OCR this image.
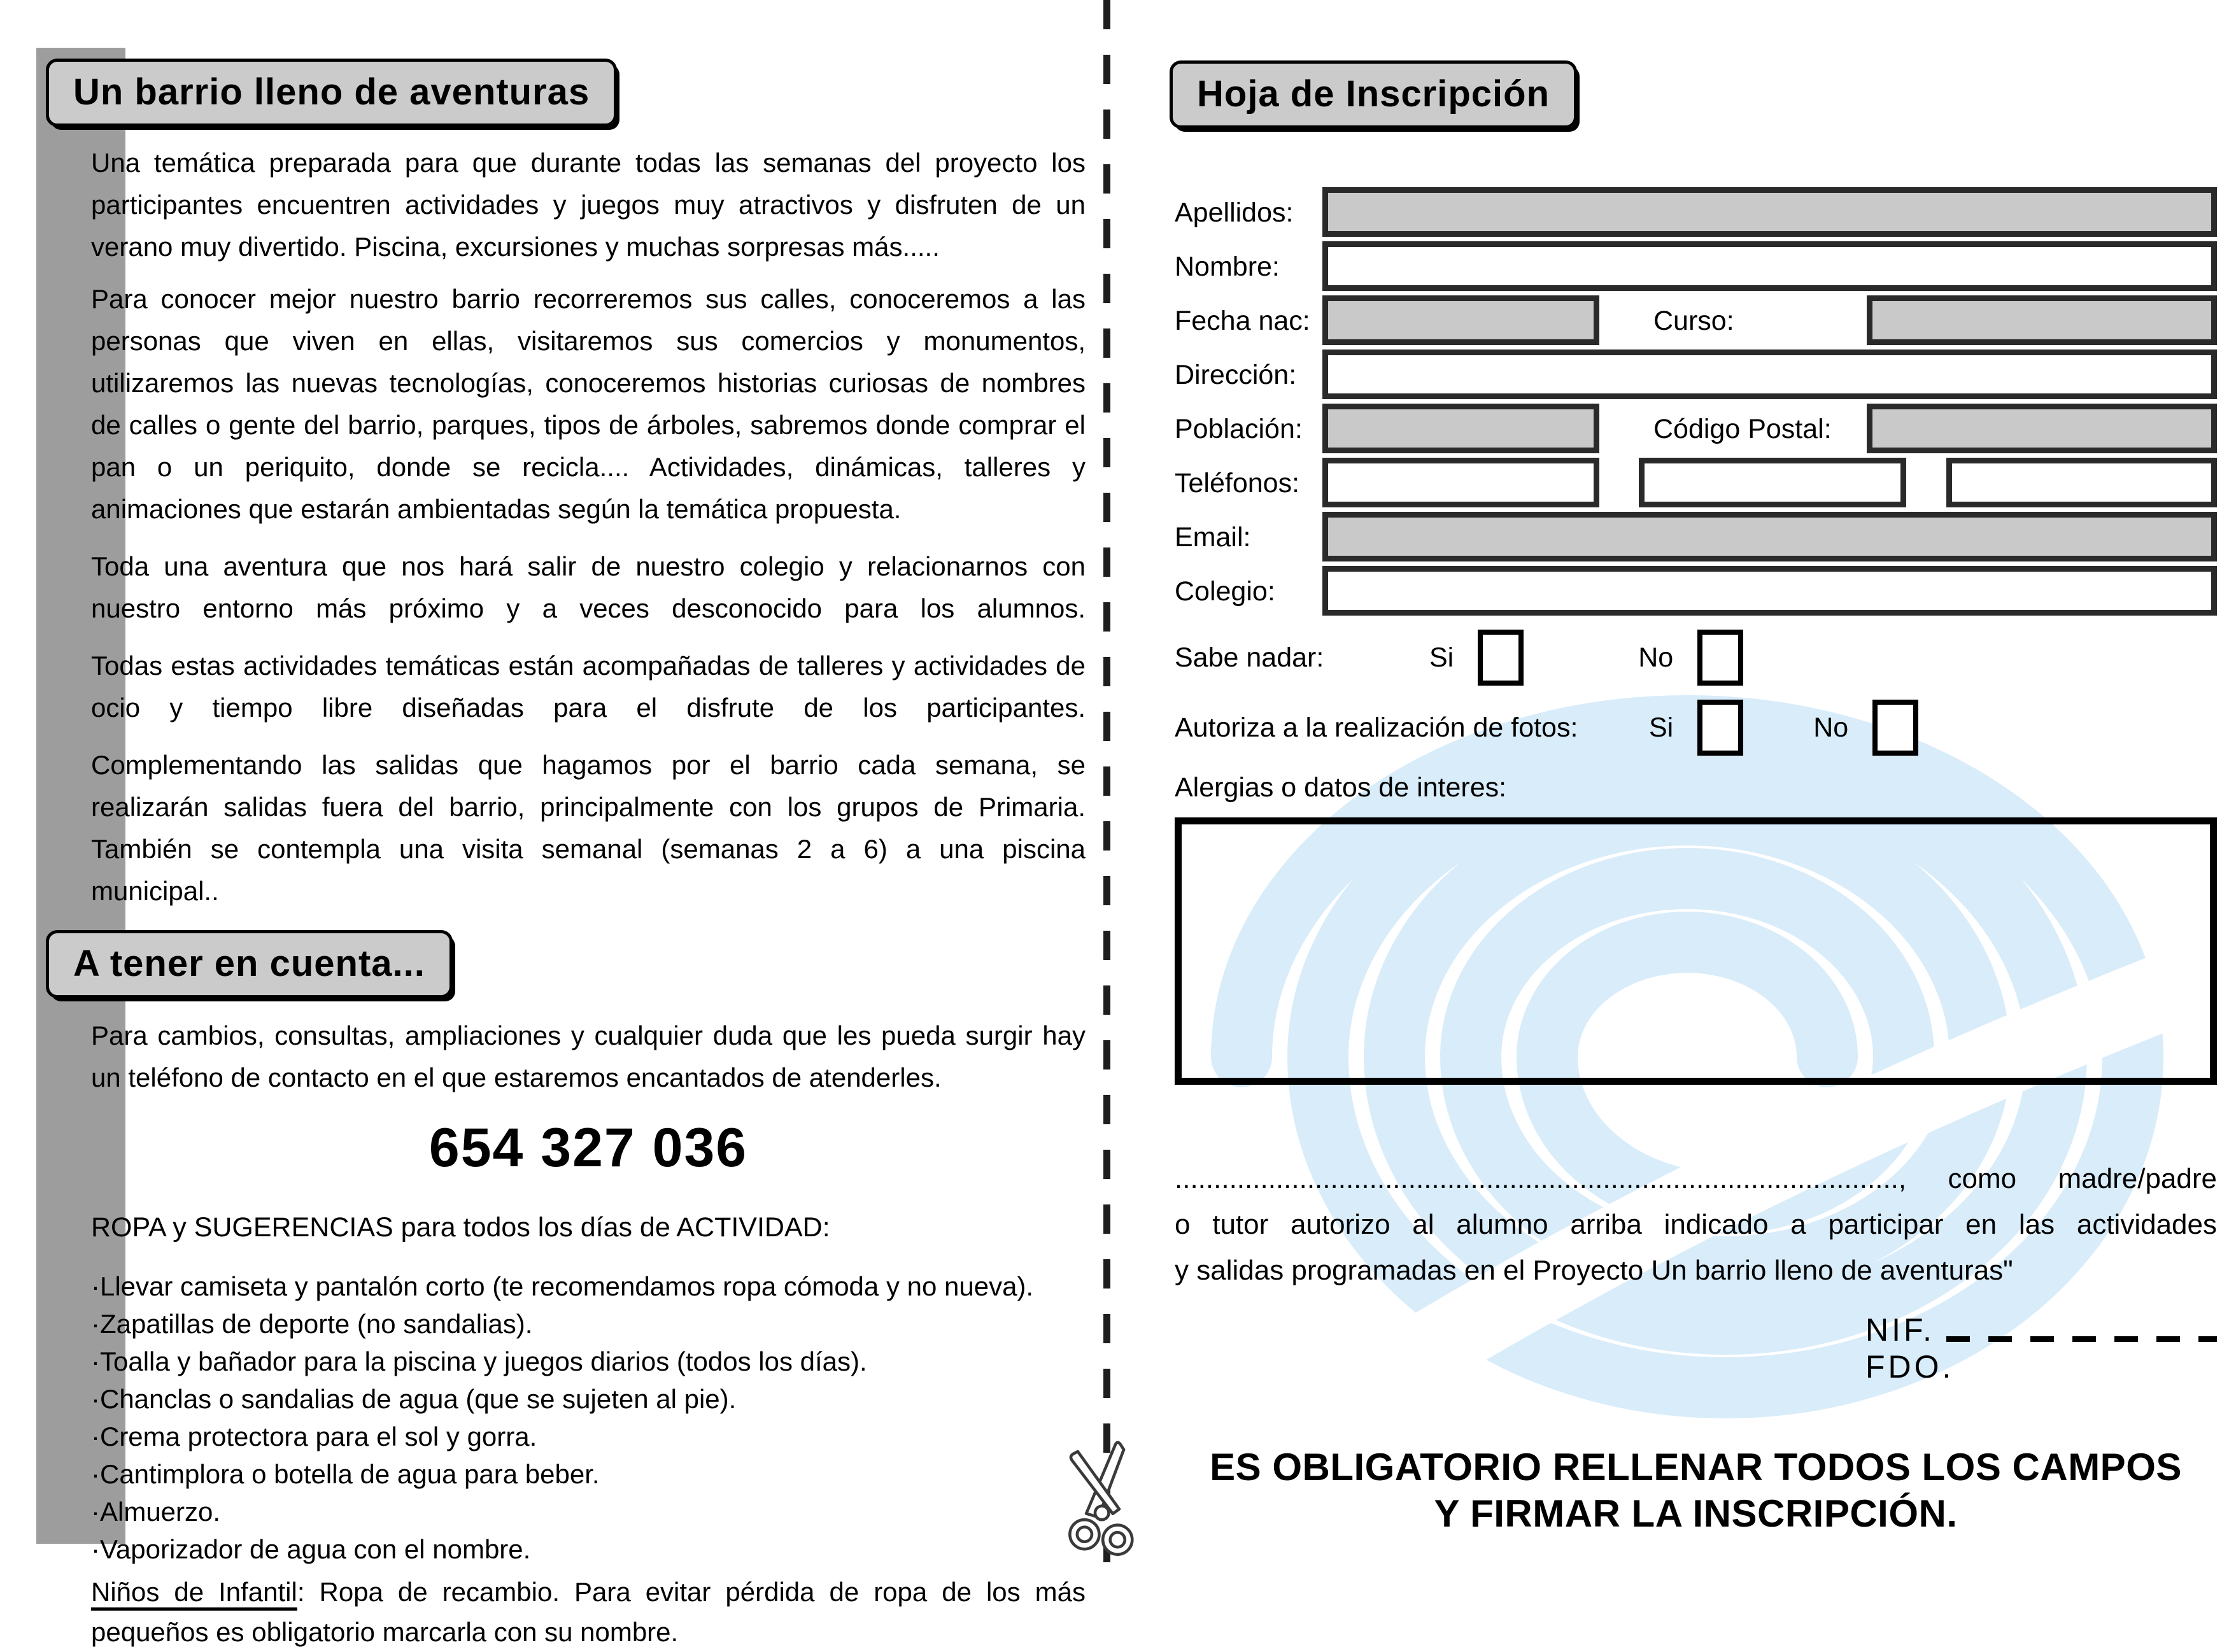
Un barrio lleno de aventuras

Una temática preparada para que durante todas las semanas del proyecto los participantes encuentren actividades y juegos muy atractivos y disfruten de un verano muy divertido. Piscina, excursiones y muchas sorpresas más.....

Para conocer mejor nuestro barrio recorreremos sus calles, conoceremos a las personas que viven en ellas, visitaremos sus comercios y monumentos, utilizaremos las nuevas tecnologías, conoceremos historias curiosas de nombres de calles o gente del barrio, parques, tipos de árboles, sabremos donde comprar el pan o un periquito, donde se recicla.... Actividades, dinámicas, talleres y animaciones que estarán ambientadas según la temática propuesta.

Toda una aventura que nos hará salir de nuestro colegio y relacionarnos con nuestro entorno más próximo y a veces desconocido para los alumnos.

Todas estas actividades temáticas están acompañadas de talleres y actividades de ocio y tiempo libre diseñadas para el disfrute de los participantes.

Complementando las salidas que hagamos por el barrio cada semana, se realizarán salidas fuera del barrio, principalmente con los grupos de Primaria. También se contempla una visita semanal (semanas 2 a 6) a una piscina municipal..

A tener en cuenta...

Para cambios, consultas, ampliaciones y cualquier duda que les pueda surgir hay un teléfono de contacto en el que estaremos encantados de atenderles.

654 327 036

ROPA y SUGERENCIAS para todos los días de ACTIVIDAD:

·Llevar camiseta y pantalón corto (te recomendamos ropa cómoda y no nueva).
·Zapatillas de deporte (no sandalias).
·Toalla y bañador para la piscina y juegos diarios (todos los días).
·Chanclas o sandalias de agua (que se sujeten al pie).
·Crema protectora para el sol y gorra.
·Cantimplora o botella de agua para beber.
·Almuerzo.
·Vaporizador de agua con el nombre.

Niños de Infantil: Ropa de recambio. Para evitar pérdida de ropa de los más pequeños es obligatorio marcarla con su nombre.

Hoja de Inscripción
Apellidos:
Nombre:
Fecha nac:	Curso:
Dirección:
Población:	Código Postal:
Teléfonos:
Email:
Colegio:
Sabe nadar:	Si	No
Autoriza a la realización de fotos:	Si	No
Alergias o datos de interes:
............................................................................................., como madre/padre
o tutor autorizo al alumno arriba indicado a participar en las actividades
y salidas programadas en el Proyecto Un barrio lleno de aventuras"
NIF.
FDO.
ES OBLIGATORIO RELLENAR TODOS LOS CAMPOS
Y FIRMAR LA INSCRIPCIÓN.
